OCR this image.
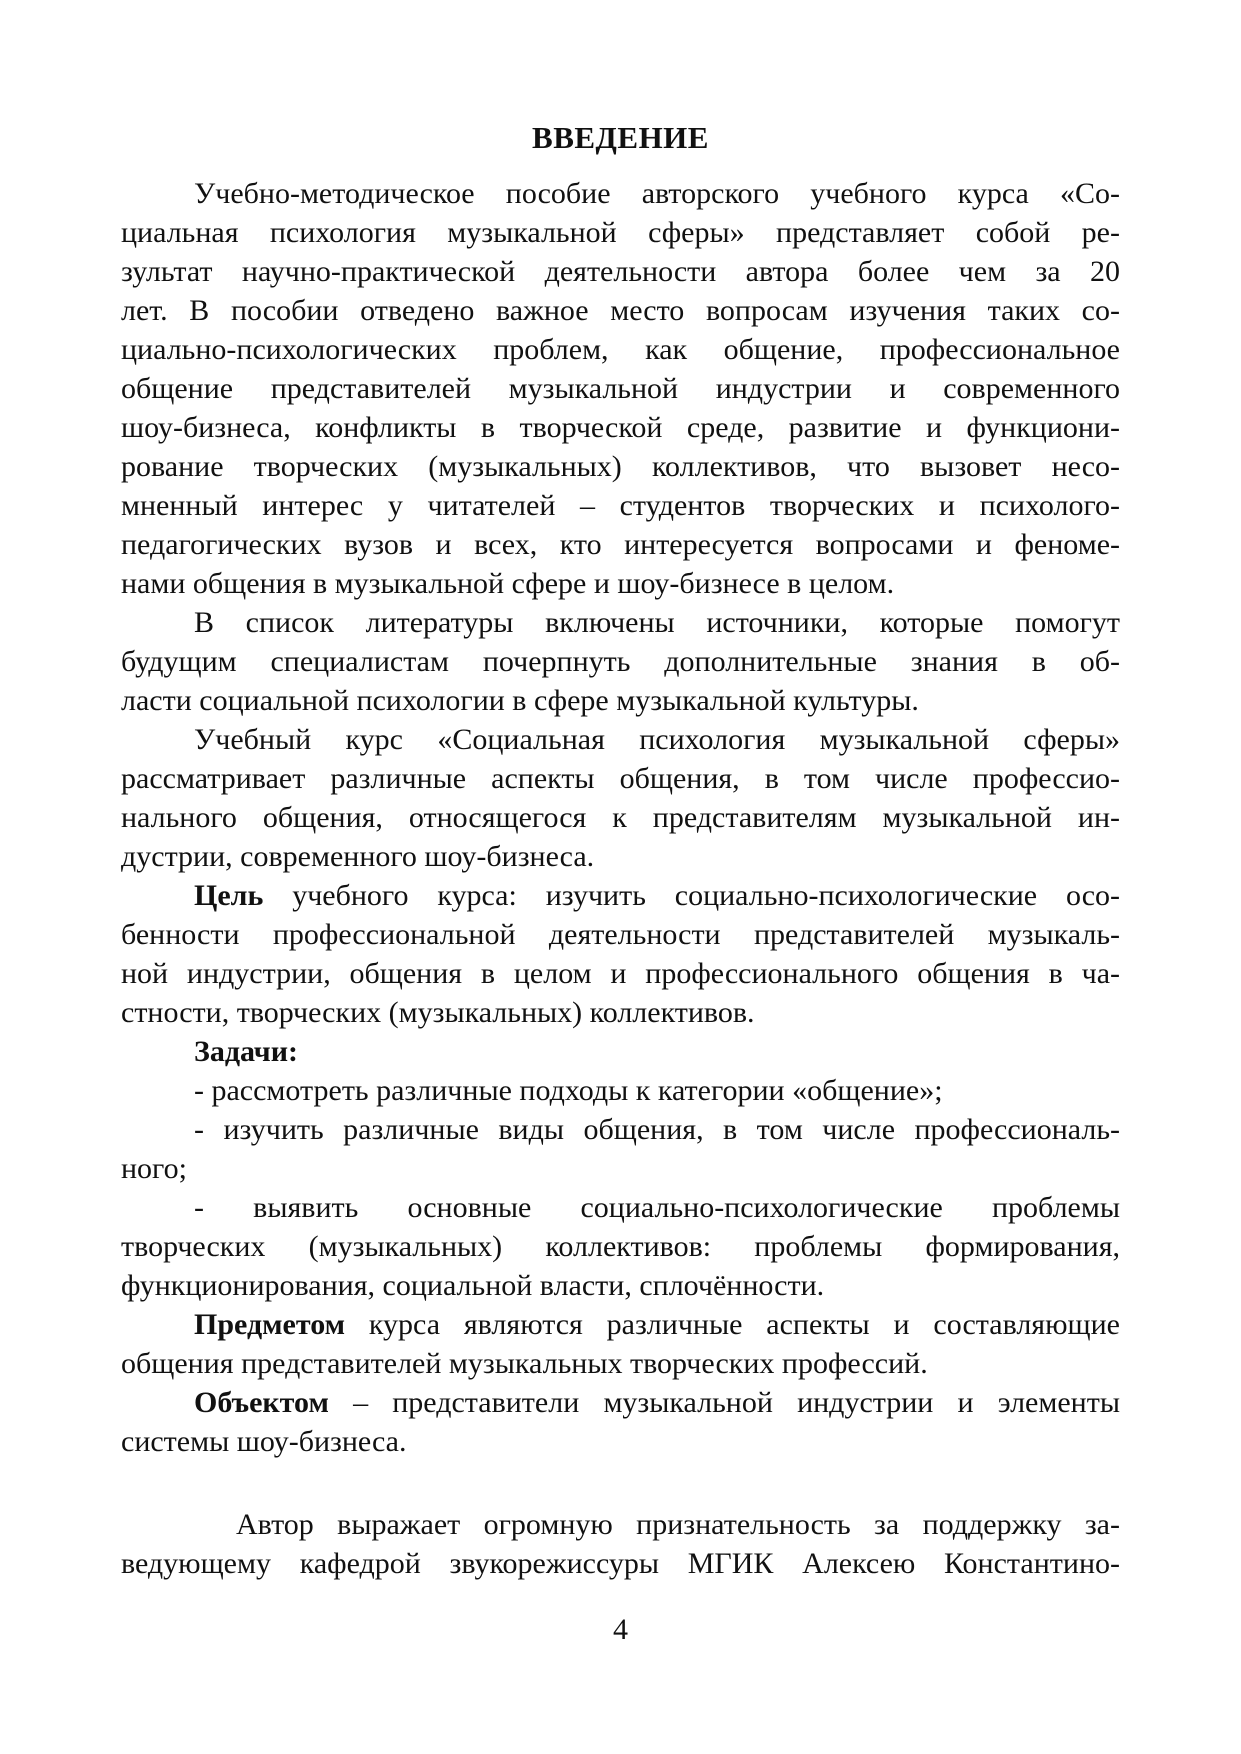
ВВЕДЕНИЕ
Учебно-методическое пособие авторского учебного курса «Со-
циальная психология музыкальной сферы» представляет собой ре-
зультат научно-практической деятельности автора более чем за 20
лет. В пособии отведено важное место вопросам изучения таких со-
циально-психологических проблем, как общение, профессиональное
общение представителей музыкальной индустрии и современного
шоу-бизнеса, конфликты в творческой среде, развитие и функциони-
рование творческих (музыкальных) коллективов, что вызовет несо-
мненный интерес у читателей – студентов творческих и психолого-
педагогических вузов и всех, кто интересуется вопросами и феноме-
нами общения в музыкальной сфере и шоу-бизнесе в целом.
В список литературы включены источники, которые помогут
будущим специалистам почерпнуть дополнительные знания в об-
ласти социальной психологии в сфере музыкальной культуры.
Учебный курс «Социальная психология музыкальной сферы»
рассматривает различные аспекты общения, в том числе профессио-
нального общения, относящегося к представителям музыкальной ин-
дустрии, современного шоу-бизнеса.
Цель учебного курса: изучить социально-психологические осо-
бенности профессиональной деятельности представителей музыкаль-
ной индустрии, общения в целом и профессионального общения в ча-
стности, творческих (музыкальных) коллективов.
Задачи:
- рассмотреть различные подходы к категории «общение»;
- изучить различные виды общения, в том числе профессиональ-
ного;
- выявить основные социально-психологические проблемы
творческих (музыкальных) коллективов: проблемы формирования,
функционирования, социальной власти, сплочённости.
Предметом курса являются различные аспекты и составляющие
общения представителей музыкальных творческих профессий.
Объектом – представители музыкальной индустрии и элементы
системы шоу-бизнеса.
Автор выражает огромную признательность за поддержку за-
ведующему кафедрой звукорежиссуры МГИК Алексею Константино-
4
